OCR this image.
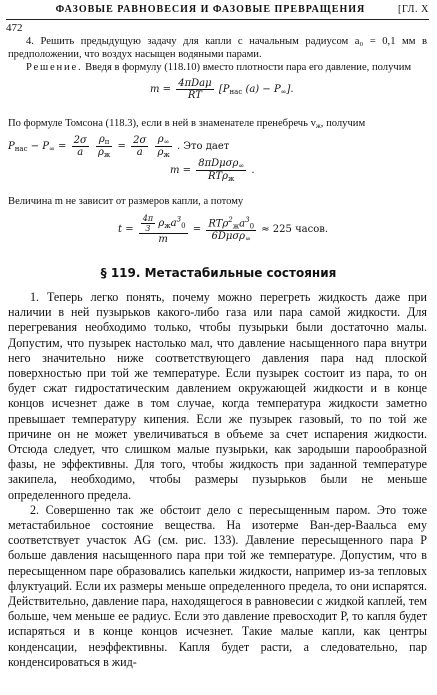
ФАЗОВЫЕ РАВНОВЕСИЯ И ФАЗОВЫЕ ПРЕВРАЩЕНИЯ	[ГЛ. X
472

4. Решить предыдущую задачу для капли с начальным радиусом a₀ = 0,1 мм в предположении, что воздух насыщен водяными парами.

Решение. Введя в формулу (118.10) вместо плотности пара его давление, получим

$m = \frac{\text{4πDaμ}}{RT} [P_{нас}$ $(a) - P_\infty$].
По формуле Томсона (118.3), если в ней в знаменателе пренебречь $v_ж$, получим
$P_{нас} - P_\infty = \frac{2\sigma}{a}$
$\frac{\rho_п}{\rho_ж} = \frac{2\sigma}{a}$
$\frac{\rho_\infty}{\rho_ж}$ . Это дает
$m = \frac{8\pi D\mu\sigma\rho_\infty}{RT\rho_ж}$ .
Величина m не зависит от размеров капли, а потому
$t = \frac{\frac{4\pi}{3} \rho_жa^3_0}{m} = \frac{RT\rho^2_жa^3_0}{6D\mu\sigma\rho_\infty} \approx 225$ часов.
§ 119. Метастабильные состояния

1. Теперь легко понять, почему можно перегреть жидкость даже при наличии в ней пузырьков какого-либо газа или пара самой жидкости. Для перегревания необходимо только, чтобы пузырьки были достаточно малы. Допустим, что пузырек настолько мал, что давление насыщенного пара внутри него значительно ниже соответствующего давления пара над плоской поверхностью при той же температуре. Если пузырек состоит из пара, то он будет сжат гидростатическим давлением окружающей жидкости и в конце концов исчезнет даже в том случае, когда температура жидкости заметно превышает температуру кипения. Если же пузырек газовый, то по той же причине он не может увеличиваться в объеме за счет испарения жидкости. Отсюда следует, что слишком малые пузырьки, как зародыши парообразной фазы, не эффективны. Для того, чтобы жидкость при заданной температуре закипела, необходимо, чтобы размеры пузырьков были не меньше определенного предела.

2. Совершенно так же обстоит дело с пересыщенным паром. Это тоже метастабильное состояние вещества. На изотерме Ван-дер-Ваальса ему соответствует участок AG (см. рис. 133). Давление пересыщенного пара P больше давления насыщенного пара при той же температуре. Допустим, что в пересыщенном паре образовались капельки жидкости, например из-за тепловых флуктуаций. Если их размеры меньше определенного предела, то они испарятся. Действительно, давление пара, находящегося в равновесии с жидкой каплей, тем больше, чем меньше ее радиус. Если это давление превосходит P, то капля будет испаряться и в конце концов исчезнет. Такие малые капли, как центры конденсации, неэффективны. Капля будет расти, а следовательно, пар конденсироваться в жид-
